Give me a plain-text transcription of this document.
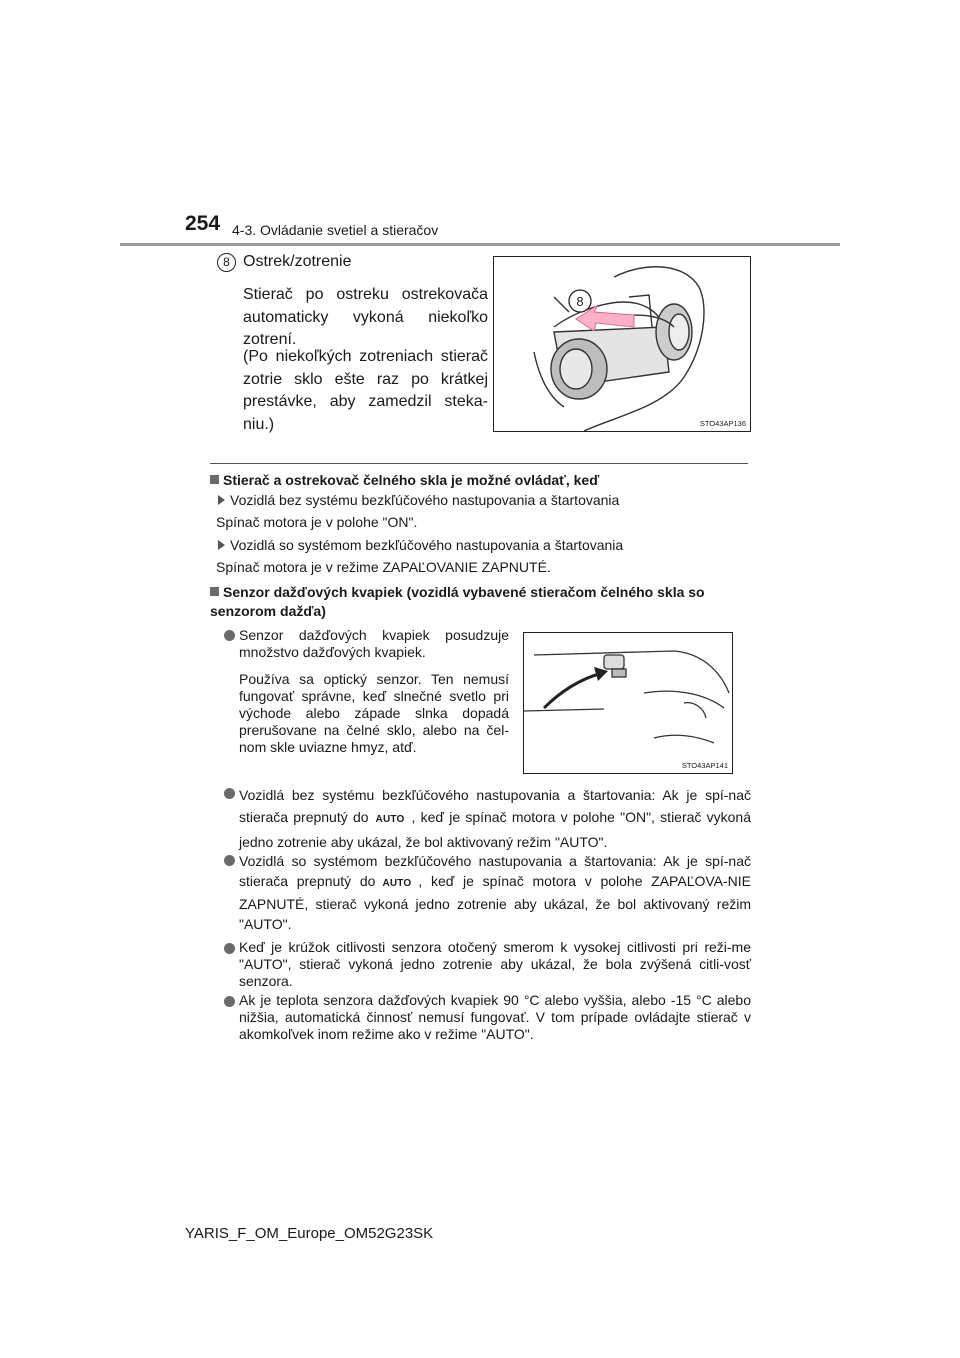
254 4-3. Ovládanie svetiel a stieračov
8 Ostrek/zotrenie
Stierač po ostreku ostrekovača automaticky vykoná niekoľko zotrení.
(Po niekoľkých zotreniach stierač zotrie sklo ešte raz po krátkej prestávke, aby zamedzil steka-niu.)
8
STO43AP136
Stierač a ostrekovač čelného skla je možné ovládať, keď
Vozidlá bez systému bezkľúčového nastupovania a štartovania
Spínač motora je v polohe "ON".
Vozidlá so systémom bezkľúčového nastupovania a štartovania
Spínač motora je v režime ZAPAĽOVANIE ZAPNUTÉ.
Senzor dažďových kvapiek (vozidlá vybavené stieračom čelného skla so senzorom dažďa)
Senzor dažďových kvapiek posudzuje množstvo dažďových kvapiek.
Používa sa optický senzor. Ten nemusí fungovať správne, keď slnečné svetlo pri východe alebo západe slnka dopadá prerušovane na čelné sklo, alebo na čel-nom skle uviazne hmyz, atď.
STO43AP141
Vozidlá bez systému bezkľúčového nastupovania a štartovania: Ak je spí-nač stierača prepnutý do AUTO , keď je spínač motora v polohe "ON", stierač vykoná jedno zotrenie aby ukázal, že bol aktivovaný režim "AUTO".
Vozidlá so systémom bezkľúčového nastupovania a štartovania: Ak je spí-nač stierača prepnutý do AUTO , keď je spínač motora v polohe ZAPAĽOVA-NIE ZAPNUTÉ, stierač vykoná jedno zotrenie aby ukázal, že bol aktivovaný režim "AUTO".
Keď je krúžok citlivosti senzora otočený smerom k vysokej citlivosti pri reži-me "AUTO", stierač vykoná jedno zotrenie aby ukázal, že bola zvýšená citli-vosť senzora.
Ak je teplota senzora dažďových kvapiek 90 °C alebo vyššia, alebo -15 °C alebo nižšia, automatická činnosť nemusí fungovať. V tom prípade ovládajte stierač v akomkoľvek inom režime ako v režime "AUTO".
YARIS_F_OM_Europe_OM52G23SK
